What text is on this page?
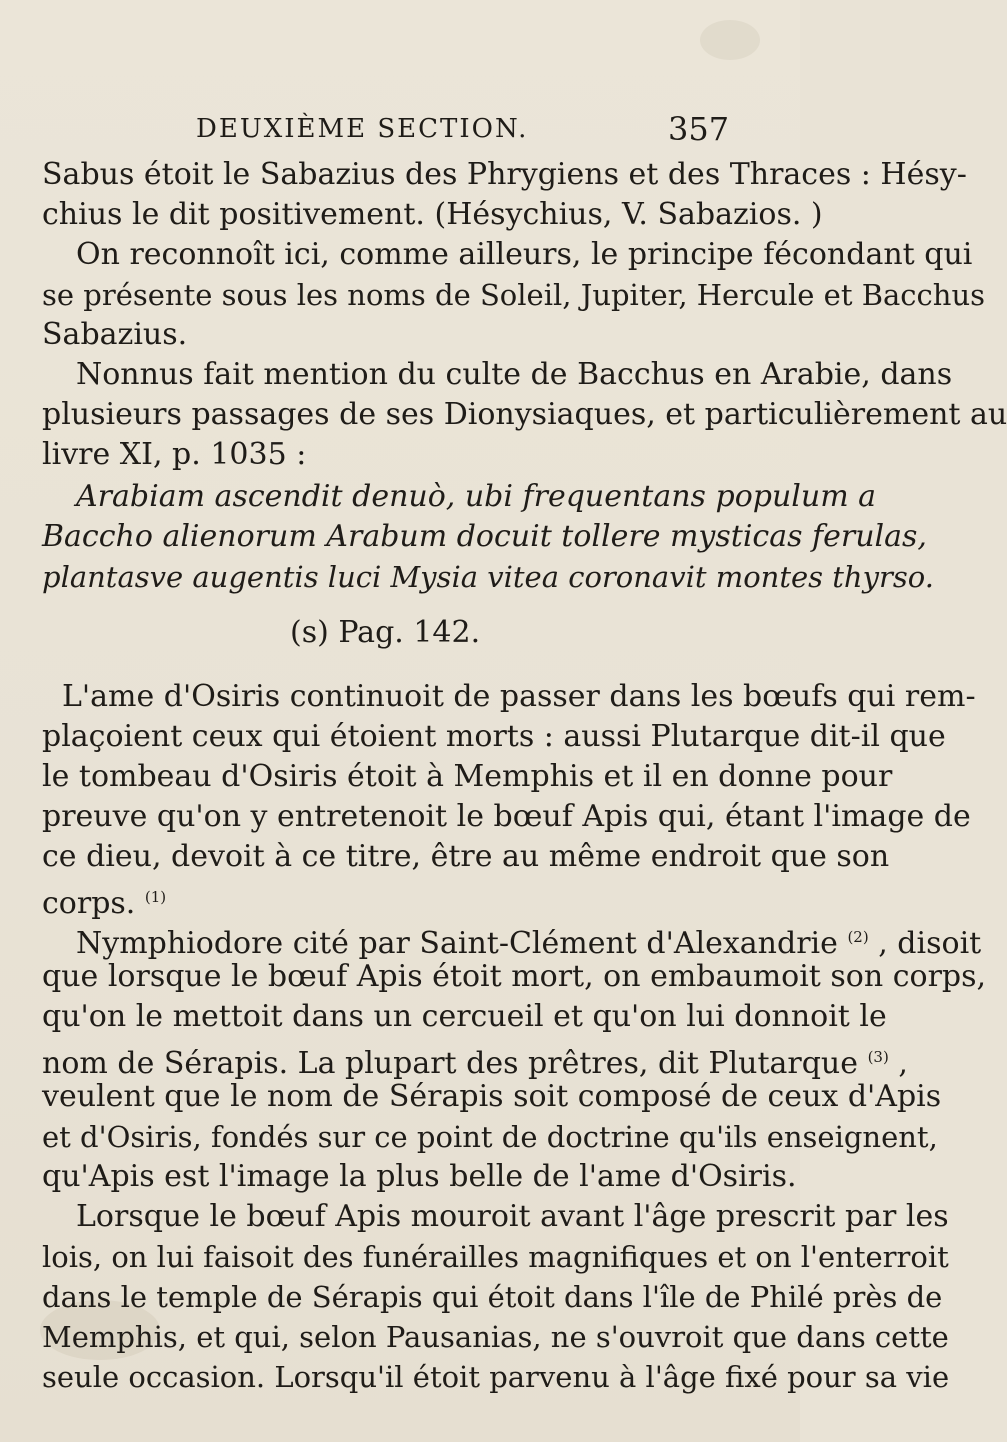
DEUXIÈME SECTION.	357
Sabus étoit le Sabazius des Phrygiens et des Thraces : Hésy-
chius le dit positivement. (Hésychius, V. Sabazios. )
On reconnoît ici, comme ailleurs, le principe fécondant qui
se présente sous les noms de Soleil, Jupiter, Hercule et Bacchus
Sabazius.
Nonnus fait mention du culte de Bacchus en Arabie, dans
plusieurs passages de ses Dionysiaques, et particulièrement au
livre XI, p. 1035 :
Arabiam ascendit denuò, ubi frequentans populum a
Baccho alienorum Arabum docuit tollere mysticas ferulas,
plantasve augentis luci Mysia vitea coronavit montes thyrso.
(s) Pag. 142.
L'ame d'Osiris continuoit de passer dans les bœufs qui rem-
plaçoient ceux qui étoient morts : aussi Plutarque dit-il que
le tombeau d'Osiris étoit à Memphis et il en donne pour
preuve qu'on y entretenoit le bœuf Apis qui, étant l'image de
ce dieu, devoit à ce titre, être au même endroit que son
corps. $^{(1)}$
Nymphiodore cité par Saint-Clément d'Alexandrie $^{(2)}$ , disoit
que lorsque le bœuf Apis étoit mort, on embaumoit son corps,
qu'on le mettoit dans un cercueil et qu'on lui donnoit le
nom de Sérapis. La plupart des prêtres, dit Plutarque $^{(3)}$ ,
veulent que le nom de Sérapis soit composé de ceux d'Apis
et d'Osiris, fondés sur ce point de doctrine qu'ils enseignent,
qu'Apis est l'image la plus belle de l'ame d'Osiris.
Lorsque le bœuf Apis mouroit avant l'âge prescrit par les
lois, on lui faisoit des funérailles magnifiques et on l'enterroit
dans le temple de Sérapis qui étoit dans l'île de Philé près de
Memphis, et qui, selon Pausanias, ne s'ouvroit que dans cette
seule occasion. Lorsqu'il étoit parvenu à l'âge fixé pour sa vie
